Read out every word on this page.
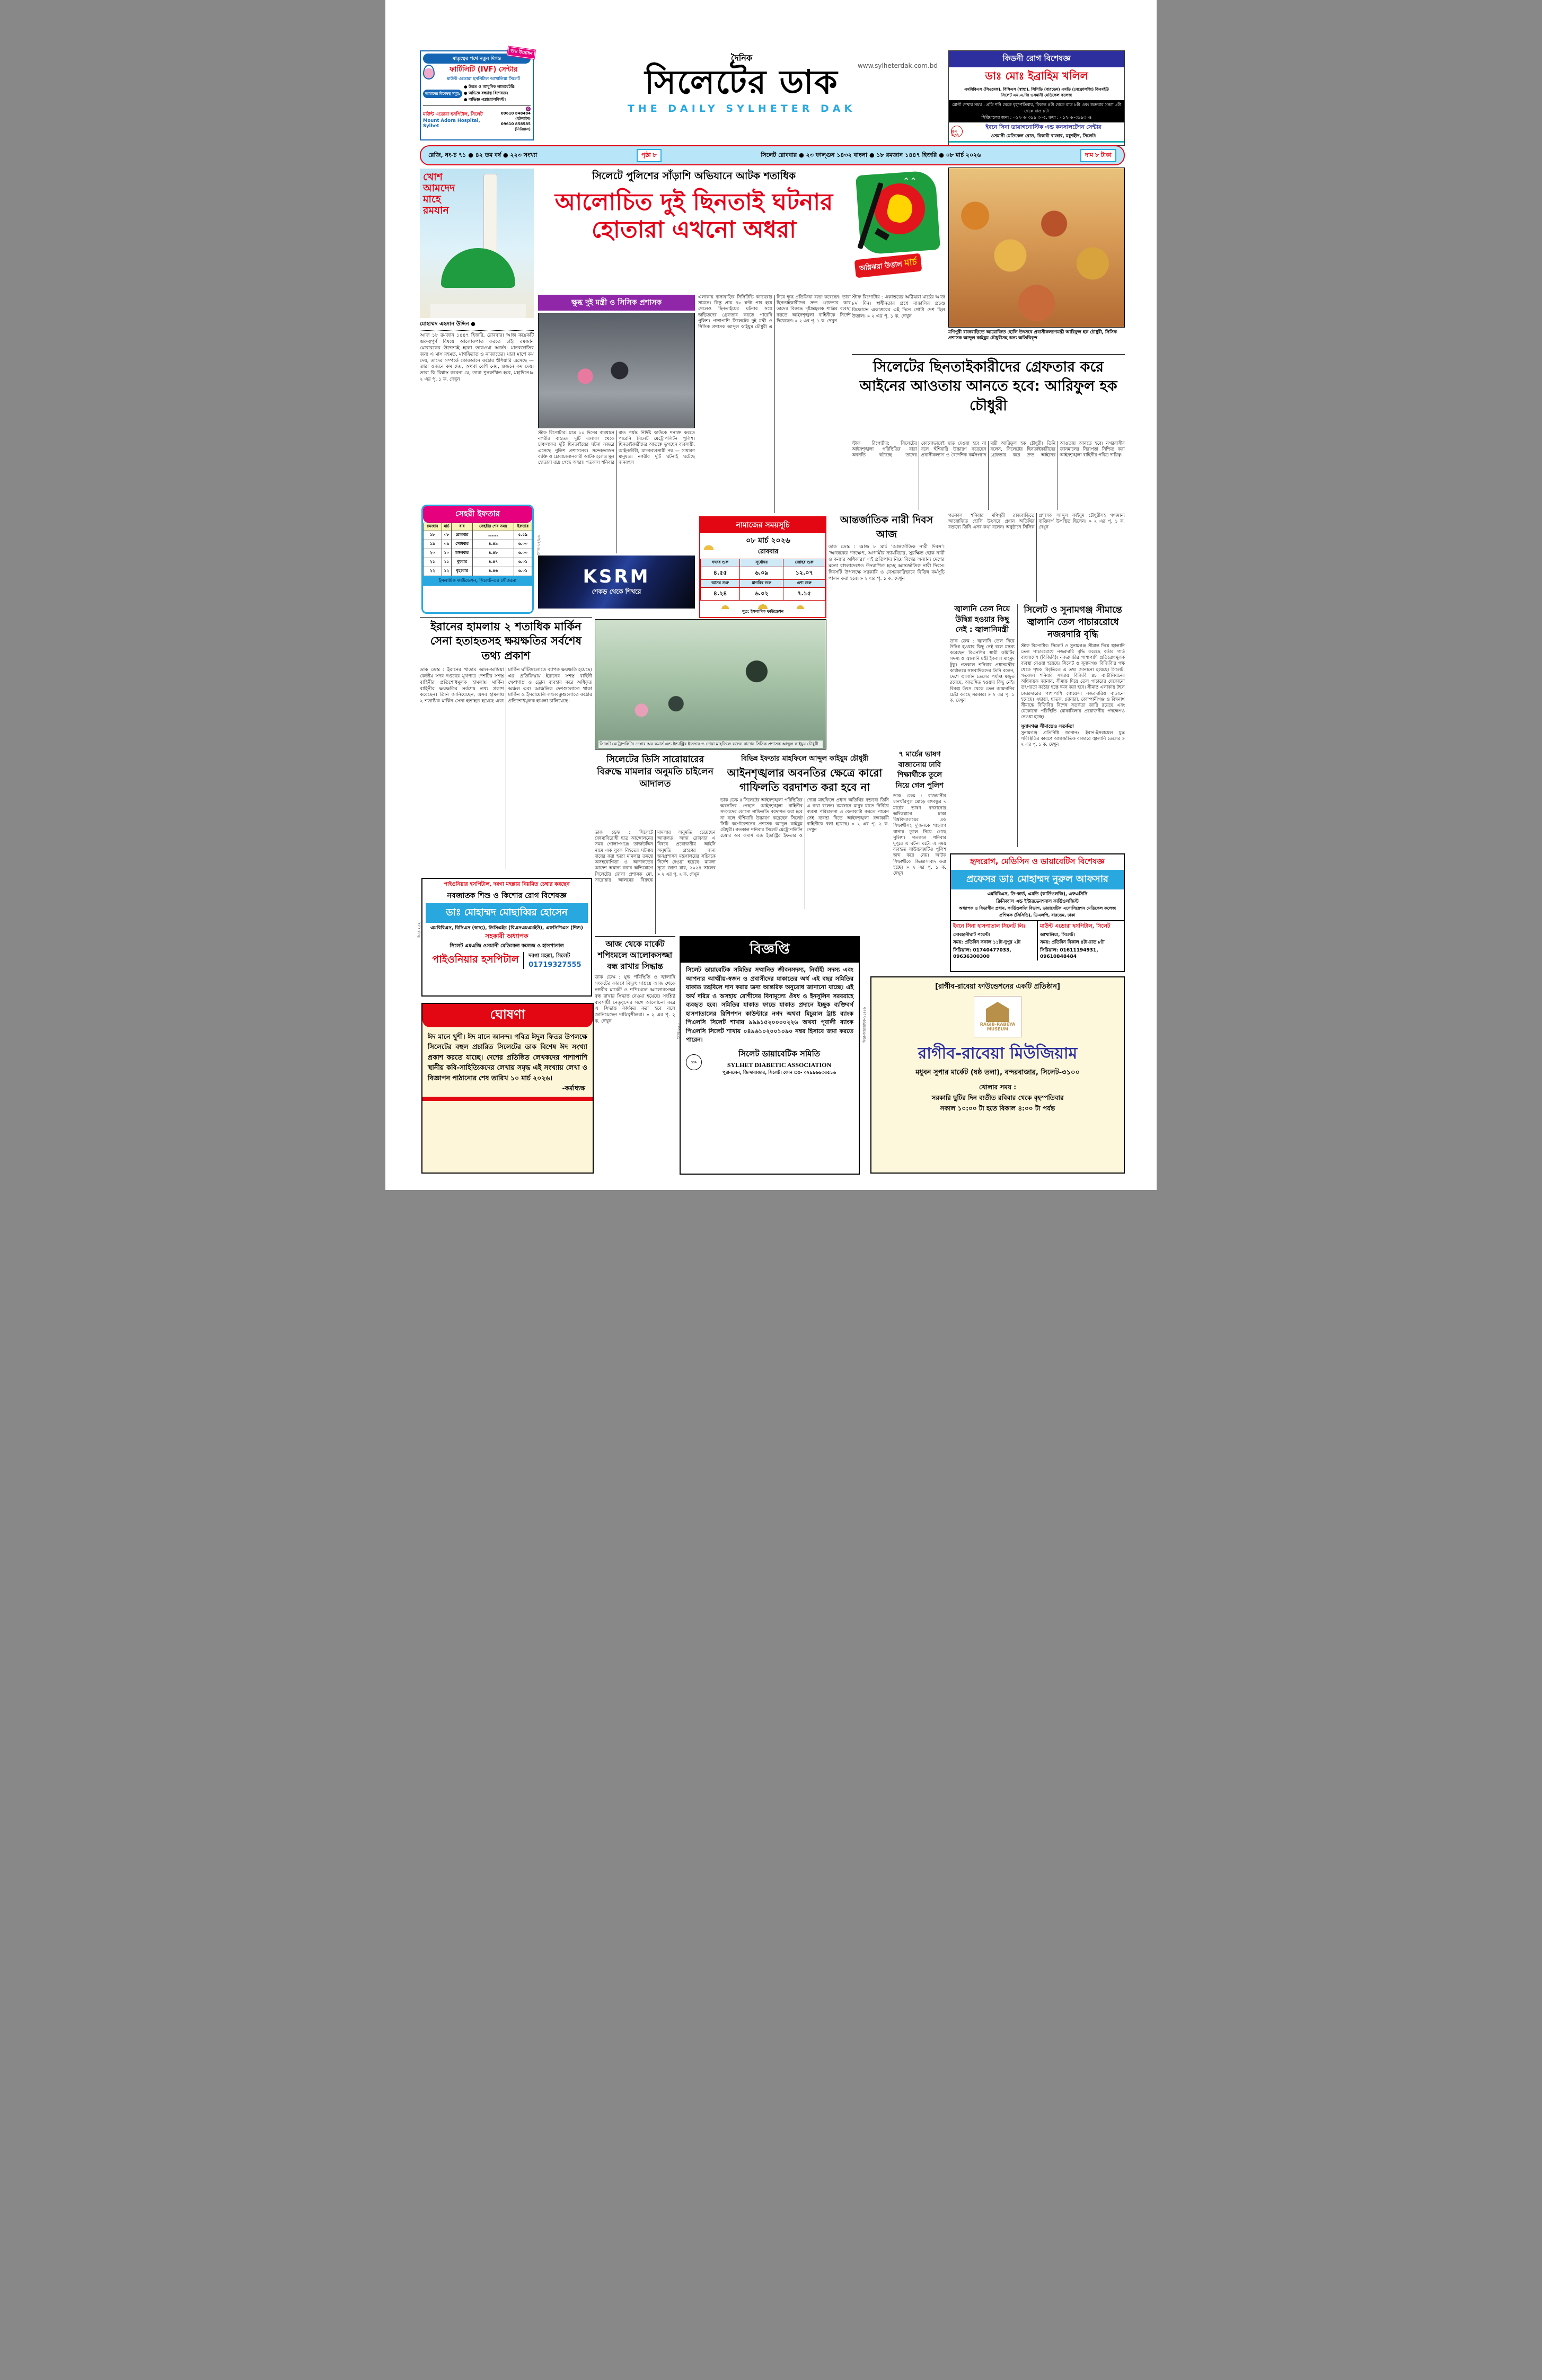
মাতৃত্বের পথে নতুন দিগন্ত
ফার্টিলিটি (IVF) সেন্টার
মাউন্ট এডোরা হসপিটাল আখালিয়া সিলেট
আমাদের বিশেষত্ব সমূহ:
● উন্নত ও আধুনিক ল্যাবরেটরি।
● অভিজ্ঞ বন্ধ্যাত্ব বিশেষজ্ঞ।
● অভিজ্ঞ এম্ব্রায়োলজিস্ট।
মাউন্ট এডোরা হসপিটাল, সিলেট
Mount Adora Hospital, Sylhet
✆
09610 848484 (হটলাইন)
09610 858585 (সিরিয়াল)
শুভ উদ্বোধন
www.sylheterdak.com.bd
দৈনিক
সিলেটের ডাক
THE DAILY SYLHETER DAK
কিডনী রোগ বিশেষজ্ঞ
ডাঃ মোঃ ইব্রাহিম খলিল
এমবিবিএস (সিওমেক), বিসিএস (স্বাস্থ্য), সিসিডি (বারডেম) এমডি (নেফ্রোলজি) বিএমইউ
সিলেট এম.এ.জি ওসমানী মেডিকেল কলেজ
রোগী দেখার সময় : প্রতি শনি থেকে বৃহস্পতিবার, বিকাল ৪টা থেকে রাত ৮টা এবং শুক্রবার সন্ধ্যা ৬টা থেকে রাত ৮টা
সিরিয়ালের জন্য : ০১৭০৮ ৩৯৯ ৩০৫, তথ্য : ০১৭০৮-৩৯৯৩০৪
IBN SINA
ইবনে সিনা ডায়াগনোস্টিক এন্ড কনসালটেশন সেন্টার
ওসমানী মেডিকেল রোড, রিকাবী বাজার, মধুশহীদ, সিলেট।
রেজি, নং-চ ৭১ ● ৪২ তম বর্ষ ● ২২৩ সংখ্যা	পৃষ্ঠা ৮	সিলেট রোববার ● ২৩ ফাল্গুন ১৪৩২ বাংলা ● ১৮ রমজান ১৪৪৭ হিজরি ● ০৮ মার্চ ২০২৬	দাম ৮ টাকা
খোশ আমদেদ মাহে রমযান
মোহাম্মদ এহসান উদ্দিন ●
আজ ১৮ রমজান ১৪৪৭ হিজরি, রোববার। আজ কয়েকটি গুরুত্বপূর্ণ বিষয়ে আলোকপাত করতে চাই। রমজান মোবারকের উদ্দেশ্যই হলো তাকওয়া অর্জন। মানবজাতির জন্য এ মাস রহমত, মাগফিরাত ও নাজাতের। যারা মাপে কম দেয়, তাদের সম্পর্কে কোরআনে কঠোর হুঁশিয়ারি এসেছে — তারা ওজনে কম দেয়, অথবা বেশি নেয়, ওজনে কম দেয়। তারা কি বিশ্বাস করেনা যে, তারা পুনরুত্থিত হবে, মহাদিনে।» ২ এর পৃ. ১ ক. দেখুন
সেহরী ইফতার
রমজান	মার্চ	বার	সেহরীর শেষ সময়	ইফতার
১৮	০৮	রোববার	------	৫.৫৯
১৯	০৯	সোমবার	৪.৪৯	৬.০০
২০	১০	মঙ্গলবার	৪.৪৮	৬.০০
২১	১১	বুধবার	৪.৪৭	৬.০১
২২	১২	বৃহঃবার	৪.৪৬	৬.০১
ইসলামিক ফাউন্ডেশন, সিলেট-এর সৌজন্যে
সিতা-১৭/২৬
ইরানের হামলায় ২ শতাধিক মার্কিন সেনা হতাহতসহ ক্ষয়ক্ষতির সর্বশেষ তথ্য প্রকাশ
ডাক ডেস্ক : ইরানের খাতাম আল-আম্বিয়া কেন্দ্রীয় সদর দপ্তরের মুখপাত্র দেশটির সশস্ত্র বাহিনীর প্রতিশোধমূলক হামলায় মার্কিন বাহিনীর ক্ষয়ক্ষতির সর্বশেষ তথ্য প্রকাশ করেছেন। তিনি জানিয়েছেন, এসব হামলায় ২ শতাধিক মার্কিন সেনা হতাহত হয়েছে এবং মার্কিন ঘাঁটিগুলোতে ব্যাপক ক্ষয়ক্ষতি হয়েছে। এর প্রতিক্রিয়ায় ইরানের সশস্ত্র বাহিনী ক্ষেপণাস্ত্র ও ড্রোন ব্যবহার করে অধিকৃত অঞ্চল এবং আঞ্চলিক দেশগুলোতে থাকা মার্কিন ও ইসরায়েলি লক্ষ্যবস্তুগুলোতে কঠোর প্রতিশোধমূলক হামলা চালিয়েছে।
পাইওনিয়ার হসপিটাল, দরগা মহল্লায় নিয়মিত চেম্বার করছেন
নবজাতক শিশু ও কিশোর রোগ বিশেষজ্ঞ
ডাঃ মোহাম্মদ মোছাব্বির হোসেন
এমবিবিএস, বিসিএস (স্বাস্থ্য), ডিসিএইচ (বিএসএমএমইউ), এফসিপিএস (শিশু)
সহকারী অধ্যাপক
সিলেট এমএজি ওসমানী মেডিকেল কলেজ ও হাসপাতাল
পাইওনিয়ার হসপিটাল দরগা মহল্লা, সিলেট
01719327555
সিডা-২৫২
ঘোষণা
ঈদ মানে খুশী। ঈদ মানে আনন্দ। পবিত্র ঈদুল ফিতর উপলক্ষে সিলেটের বহুল প্রচারিত সিলেটের ডাক বিশেষ ঈদ সংখ্যা প্রকাশ করতে যাচ্ছে। দেশের প্রতিষ্ঠিত লেখকদের পাশাপাশি স্থানীয় কবি-সাহিত্যিকদের লেখায় সমৃদ্ধ এই সংখ্যায় লেখা ও বিজ্ঞাপন পাঠানোর শেষ তারিখ ১০ মার্চ ২০২৬।
-কর্মাধ্যক্ষ
সিলেটে পুলিশের সাঁড়াশি অভিযানে আটক শতাধিক
আলোচিত দুই ছিনতাই ঘটনার হোতারা এখনো অধরা
⌃⌃
অগ্নিঝরা উত্তাল মার্চ
স্টাফ রিপোর্টার : একাত্তরের অগ্নিঝরা মার্চের আজ ৮ম দিন। স্বাধীনতার প্রশ্নে বাঙালির প্রচণ্ড বিক্ষোভে একাত্তরের এই দিনে গোটা দেশ ছিল উত্তাল। » ২ এর পৃ. ১ ক. দেখুন
মণিপুরী রাজবাড়িতে আয়োজিত হোলি উৎসবে প্রবাসীকল্যাণমন্ত্রী আরিফুল হক চৌধুরী, সিসিক প্রশাসক আব্দুল কাইয়ুম চৌধুরীসহ অন্য অতিথিবৃন্দ
ক্ষুব্ধ দুই মন্ত্রী ও সিসিক প্রশাসক
স্টাফ রিপোর্টার: মাত্র ১০ দিনের ব্যবধানে নগরীর ব্যস্ততম দুটি এলাকা থেকে চাঞ্চল্যকর দুটি ছিনতাইয়ের ঘটনা নজরে এসেছে পুলিশ প্রশাসনের। সন্দেহভাজন ব্যক্তি ও চোরাচালানকারী আটক হলেও মূল হোতারা রয়ে গেছে অধরা। গতকাল শনিবার রাত পর্যন্ত নির্দিষ্ট কাউকে শনাক্ত করতে পারেনি সিলেট মেট্রোপলিটন পুলিশ। ছিনতাইকারীদের আতঙ্কে ভুগছেন ব্যবসায়ী, আইনজীবী, মাদকব্যবসায়ী নয় — সাধারণ মানুষও। নগরীর দুটি ঘটনাই ঘটেছে জনবহুল
এলাকায় বাসাবাড়ির সিসিটিভি ক্যামেরার সামনে। কিন্তু প্রায় ৪৮ ঘণ্টা পার হয়ে গেলেও ছিনতাইয়ের ঘটনার সঙ্গে জড়িতদের গ্রেফতার করতে পারেনি পুলিশ। পাশাপাশি সিলেটের দুই মন্ত্রী ও সিসিক প্রশাসক আব্দুল কাইয়ুম চৌধুরী এ নিয়ে ক্ষুব্ধ প্রতিক্রিয়া ব্যক্ত করেছেন। তারা ছিনতাইকারীদের দ্রুত গ্রেফতার করে তাদের বিরুদ্ধে দৃষ্টান্তমূলক শাস্তির ব্যবস্থা করতে আইনশৃঙ্খলা বাহিনীকে নির্দেশ দিয়েছেন। » ২ এর পৃ. ১ ক. দেখুন
নামাজের সময়সূচি
০৮ মার্চ ২০২৬
রোববার
ফজর শুরু	সূর্যোদয়	জোহর শুরু
৪.৫৫	৬.০৯	১২.০৭
আসর শুরু	মাগরিব শুরু	এশা শুরু
৪.২৪	৬.০২	৭.১৫
সূত্র: ইসলামিক ফাউন্ডেশন
KSRM
শেকড় থেকে শিখরে
সিলেটের ছিনতাইকারীদের গ্রেফতার করে আইনের আওতায় আনতে হবে: আরিফুল হক চৌধুরী
স্টাফ রিপোর্টার: সিলেটের আইনশৃঙ্খলা পরিস্থিতির যারা অবনতি ঘটাচ্ছে তাদের কোনোভাবেই ছাড় দেওয়া হবে না বলে হুঁশিয়ারি উচ্চারণ করেছেন প্রবাসীকল্যাণ ও বৈদেশিক কর্মসংস্থান মন্ত্রী আরিফুল হক চৌধুরী। তিনি বলেন, সিলেটের ছিনতাইকারীদের গ্রেফতার করে দ্রুত আইনের আওতায় আনতে হবে। নগরবাসীর জানমালের নিরাপত্তা নিশ্চিত করা আইনশৃঙ্খলা বাহিনীর পবিত্র দায়িত্ব।
গতকাল শনিবার মণিপুরী রাজবাড়িতে আয়োজিত হোলি উৎসবে প্রধান অতিথির বক্তব্যে তিনি এসব কথা বলেন। অনুষ্ঠানে সিসিক প্রশাসক আব্দুল কাইয়ুম চৌধুরীসহ গণ্যমান্য ব্যক্তিবর্গ উপস্থিত ছিলেন। » ২ এর পৃ. ১ ক. দেখুন
আন্তর্জাতিক নারী দিবস আজ
ডাক ডেস্ক : আজ ৮ মার্চ ‘আন্তর্জাতিক নারী দিবস’। ‘আজকের পদক্ষেপ, আগামীর ন্যায়বিচার, সুরক্ষিত হোক নারী ও কন্যার অধিকার।’ এই প্রতিপাদ্য নিয়ে বিশ্বের অন্যান্য দেশের মতো বাংলাদেশেও উদযাপিত হচ্ছে আন্তর্জাতিক নারী দিবস। দিবসটি উপলক্ষে সরকারি ও বেসরকারিভাবে বিভিন্ন কর্মসূচি পালন করা হবে। » ২ এর পৃ. ১ ক. দেখুন
সিলেট মেট্রোপলিটন চেম্বার অব কমার্স এন্ড ইন্ডাস্ট্রির ইফতার ও দোয়া মাহফিলে বক্তব্য রাখেন সিসিক প্রশাসক আব্দুল কাইয়ুম চৌধুরী
সিলেটের ডিসি সারোয়ারের বিরুদ্ধে মামলার অনুমতি চাইলেন আদালত
ডাক ডেস্ক : সিলেটে বৈষম্যবিরোধী ছাত্র আন্দোলনের সময় গোলাপগঞ্জে তাজউদ্দিন নামে এক যুবক নিহতের ঘটনায় দায়ের করা হত্যা মামলার তদন্তে অসহযোগিতা ও আদালতের আদেশ অমান্য করার অভিযোগে সিলেটের জেলা প্রশাসক মো. সারোয়ার আলমের বিরুদ্ধে মামলার অনুমতি চেয়েছেন আদালত। আজ রোববার এ বিষয়ে প্রয়োজনীয় আইনি অনুমতি গ্রহণের জন্য জনপ্রশাসন মন্ত্রণালয়ের সচিবকে নির্দেশ দেওয়া হয়েছে। মামলা সূত্রে জানা যায়, ২০২৪ সালের » ২ এর পৃ. ২ ক. দেখুন
আজ থেকে মার্কেট শপিংমলে আলোকসজ্জা বন্ধ রাখার সিদ্ধান্ত
ডাক ডেস্ক : যুদ্ধ পরিস্থিতি ও জ্বালানি সংকটের কারণে বিদ্যুৎ সাশ্রয়ে আজ থেকে নগরীর মার্কেট ও শপিংমলে আলোকসজ্জা বন্ধ রাখার সিদ্ধান্ত নেওয়া হয়েছে। সংশ্লিষ্ট ব্যবসায়ী নেতৃবৃন্দের সঙ্গে আলোচনা করে এ সিদ্ধান্ত কার্যকর করা হবে বলে জানিয়েছেন দায়িত্বশীলরা। » ২ এর পৃ. ২ ক. দেখুন
বিভিন্ন ইফতার মাহফিলে আব্দুল কাইয়ুম চৌধুরী
আইনশৃঙ্খলার অবনতির ক্ষেত্রে কারো গাফিলতি বরদাশত করা হবে না
ডাক ডেস্ক ॥ সিলেটের আইনশৃঙ্খলা পরিস্থিতির অবনতির পেছনে আইনশৃঙ্খলা বাহিনীর সদস্যদের কোনো গাফিলতি বরদাশত করা হবে না বলে হুঁশিয়ারি উচ্চারণ করেছেন সিলেট সিটি কর্পোরেশনের প্রশাসক আব্দুল কাইয়ুম চৌধুরী। গতকাল শনিবার সিলেট মেট্রোপলিটন চেম্বার অব কমার্স এন্ড ইন্ডাস্ট্রির ইফতার ও দোয়া মাহফিলে প্রধান অতিথির বক্তব্যে তিনি এ কথা বলেন। রমজানে মানুষ যাতে নির্বিঘ্নে ব্যবসা পরিচালনা ও কেনাকাটা করতে পারেন সেই ব্যবস্থা নিতে আইনশৃঙ্খলা রক্ষাকারী বাহিনীকে বলা হয়েছে। » ২ এর পৃ. ২ ক. দেখুন
বিজ্ঞপ্তি
সিলেট ডায়াবেটিক সমিতির সম্মানিত জীবনসদস্য, নির্বাহী সদস্য এবং আপনার আত্মীয়-স্বজন ও প্রবাসীদের যাকাতের অর্থ এই বছর সমিতির যাকাত তহবিলে দান করার জন্য আন্তরিক অনুরোধ জানানো যাচ্ছে। এই অর্থ দরিদ্র ও অসহায় রোগীদের বিনামূল্যে ঔষধ ও ইনসুলিন সরবরাহে ব্যবহৃত হবে। সমিতির যাকাত ফান্ডে যাকাত প্রদানে ইচ্ছুক ব্যক্তিবর্গ হাসপাতালের রিশিপশন কাউন্টারে নগদ অথবা মিচুয়াল ট্রাষ্ট ব্যাংক পিএলসি সিলেট শাখায় ৯৯৯১৫২০০০০২২৬ অথবা পূবালী ব্যাংক পিএলসি সিলেট শাখায় ০৪৯৬১০২০০১০৯০ নম্বর হিসাবে জমা করতে পারেন।
SDA
সিলেট ডায়াবেটিক সমিতি
SYLHET DIABETIC ASSOCIATION
পুরানলেন, জিন্দাবাজার, সিলেট। ফোন ঃ- ০২৯৯৬৬৩৩৫১৬
সিডা-২৫৫	সিডা-আরজাহক-১১/২৬
৭ মার্চের ভাষণ বাজানোয় ঢাবি শিক্ষার্থীকে তুলে নিয়ে গেল পুলিশ
ডাক ডেস্ক : রাজধানীর চানখাঁরপুল মোড়ে বঙ্গবন্ধুর ৭ মার্চের ভাষণ বাজানোর অভিযোগে ঢাকা বিশ্ববিদ্যালয়ের এক শিক্ষার্থীসহ দু'জনকে শাহবাগ থানায় তুলে নিয়ে গেছে পুলিশ। গতকাল শনিবার দুপুরে এ ঘটনা ঘটে। এ সময় ব্যবহৃত সাউন্ডবক্সটিও পুলিশ জব্দ করে নেয়। আটক শিক্ষার্থীকে জিজ্ঞাসাবাদ করা হচ্ছে। » ২ এর পৃ. ১ ক. দেখুন
জ্বালানি তেল নিয়ে উদ্বিগ্ন হওয়ার কিছু নেই : জ্বালানিমন্ত্রী
ডাক ডেস্ক : জ্বালানি তেল নিয়ে উদ্বিগ্ন হওয়ার কিছু নেই বলে মন্তব্য করেছেন বিএনপির স্থায়ী কমিটির সদস্য ও জ্বালানি মন্ত্রী ইকবাল মাহমুদ টুকু। গতকাল শনিবার প্রধানমন্ত্রীর কার্যালয়ে সাংবাদিকদের তিনি বলেন, দেশে জ্বালানি তেলের পর্যাপ্ত মজুত রয়েছে, আতঙ্কিত হওয়ার কিছু নেই। বিকল্প উৎস থেকে তেল আমদানির চেষ্টা করছে সরকার। » ২ এর পৃ. ১ ক. দেখুন
সিলেট ও সুনামগঞ্জ সীমান্তে জ্বালানি তেল পাচাররোধে নজরদারি বৃদ্ধি
স্টাফ রিপোর্টার: সিলেট ও সুনামগঞ্জ সীমান্ত দিয়ে জ্বালানি তেল পাচাররোধে নজরদারি বৃদ্ধি করেছে বর্ডার গার্ড বাংলাদেশ (বিজিবি)। নজরদারির পাশাপাশি প্রতিরোধমূলক ব্যবস্থা নেওয়া হয়েছে। সিলেট ও সুনামগঞ্জ বিজিবি'র পক্ষ থেকে পৃথক বিবৃতিতে এ তথ্য জানানো হয়েছে। সিলেট: গতকাল শনিবার সন্ধ্যায় বিজিবি ৪৮ ব্যাটালিয়নের অধিনায়ক জানান, সীমান্ত দিয়ে তেল পাচারের যেকোনো তৎপরতা কঠোর হস্তে দমন করা হবে। সীমান্ত এলাকায় টহল জোরদারের পাশাপাশি গোয়েন্দা নজরদারিও বাড়ানো হয়েছে। এছাড়া, ছাতক, দোয়ারা, কোম্পানীগঞ্জ ও বিশ্বনাথ সীমান্তে বিজিবির বিশেষ সতর্কতা জারি রয়েছে এবং যেকোনো পরিস্থিতি মোকাবিলায় প্রয়োজনীয় পদক্ষেপও নেওয়া হচ্ছে।
সুনামগঞ্জ সীমান্তেও সতর্কতা
সুনামগঞ্জ প্রতিনিধি জানানঃ ইরান-ইসরায়েল যুদ্ধ পরিস্থিতির কারণে আন্তর্জাতিক বাজারে জ্বালানি তেলের » ২ এর পৃ. ১ ক. দেখুন
হৃদরোগ, মেডিসিন ও ডায়াবেটিস বিশেষজ্ঞ
প্রফেসর ডাঃ মোহাম্মদ নুরুল আফসার
এমবিবিএস, ডি-কার্ড, এমডি (কার্ডিওলজি), এফএসিসি
ক্লিনিক্যাল এন্ড ইন্টারভেনশনাল কার্ডিওলজিস্ট
অধ্যাপক ও বিভাগীয় প্রধান, কার্ডিওলজি বিভাগ, ডায়াবেটিক এসোসিয়েশন মেডিকেল কলেজ
প্রশিক্ষক (সিসিডি), ডিএলপি, বারডেম, ঢাকা
ইবনে সিনা হাসপাতাল সিলেট লিঃ
সোবহানীঘাট পয়েন্ট।
সময়: প্রতিদিন সকাল ১১টা-দুপুর ২টা
সিরিয়াল: 01740477033, 09636300300
মাউন্ট এডোরা হসপিটাল, সিলেট
আখালিয়া, সিলেট।
সময়: প্রতিদিন বিকাল ৪টা-রাত ৮টা
সিরিয়াল: 01611194931, 09610848484
[রাগীব-রাবেয়া ফাউন্ডেশনের একটি প্রতিষ্ঠান]
RAGIB-RABEYA
MUSEUM
রাগীব-রাবেয়া মিউজিয়াম
মধুবন সুপার মার্কেট (ষষ্ঠ তলা), বন্দরবাজার, সিলেট-৩১০০
খোলার সময় :
সরকারি ছুটির দিন ব্যতীত রবিবার থেকে বৃহস্পতিবার
সকাল ১০:০০ টা হতে বিকাল ৪:০০ টা পর্যন্ত
